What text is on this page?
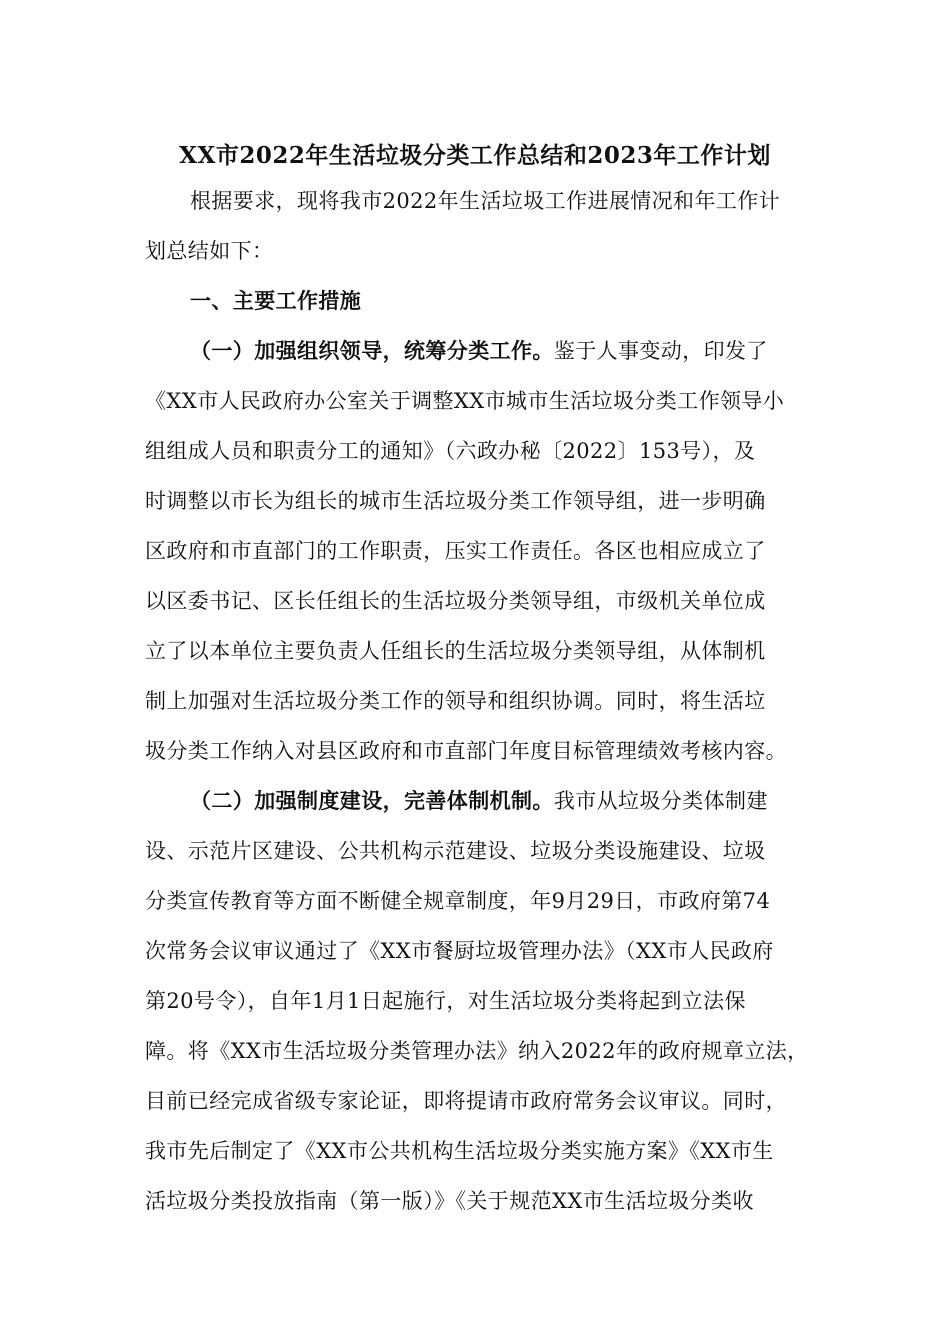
XX市2022年生活垃圾分类工作总结和2023年工作计划
根据要求，现将我市2022年生活垃圾工作进展情况和年工作计
划总结如下：
一、主要工作措施
（一）加强组织领导，统筹分类工作。鉴于人事变动，印发了
《XX市人民政府办公室关于调整XX市城市生活垃圾分类工作领导小
组组成人员和职责分工的通知》（六政办秘〔2022〕153号），及
时调整以市长为组长的城市生活垃圾分类工作领导组，进一步明确
区政府和市直部门的工作职责，压实工作责任。各区也相应成立了
以区委书记、区长任组长的生活垃圾分类领导组，市级机关单位成
立了以本单位主要负责人任组长的生活垃圾分类领导组，从体制机
制上加强对生活垃圾分类工作的领导和组织协调。同时，将生活垃
圾分类工作纳入对县区政府和市直部门年度目标管理绩效考核内容。
（二）加强制度建设，完善体制机制。我市从垃圾分类体制建
设、示范片区建设、公共机构示范建设、垃圾分类设施建设、垃圾
分类宣传教育等方面不断健全规章制度，年9月29日，市政府第74
次常务会议审议通过了《XX市餐厨垃圾管理办法》（XX市人民政府
第20号令），自年1月1日起施行，对生活垃圾分类将起到立法保
障。将《XX市生活垃圾分类管理办法》纳入2022年的政府规章立法，
目前已经完成省级专家论证，即将提请市政府常务会议审议。同时，
我市先后制定了《XX市公共机构生活垃圾分类实施方案》《XX市生
活垃圾分类投放指南（第一版）》《关于规范XX市生活垃圾分类收
